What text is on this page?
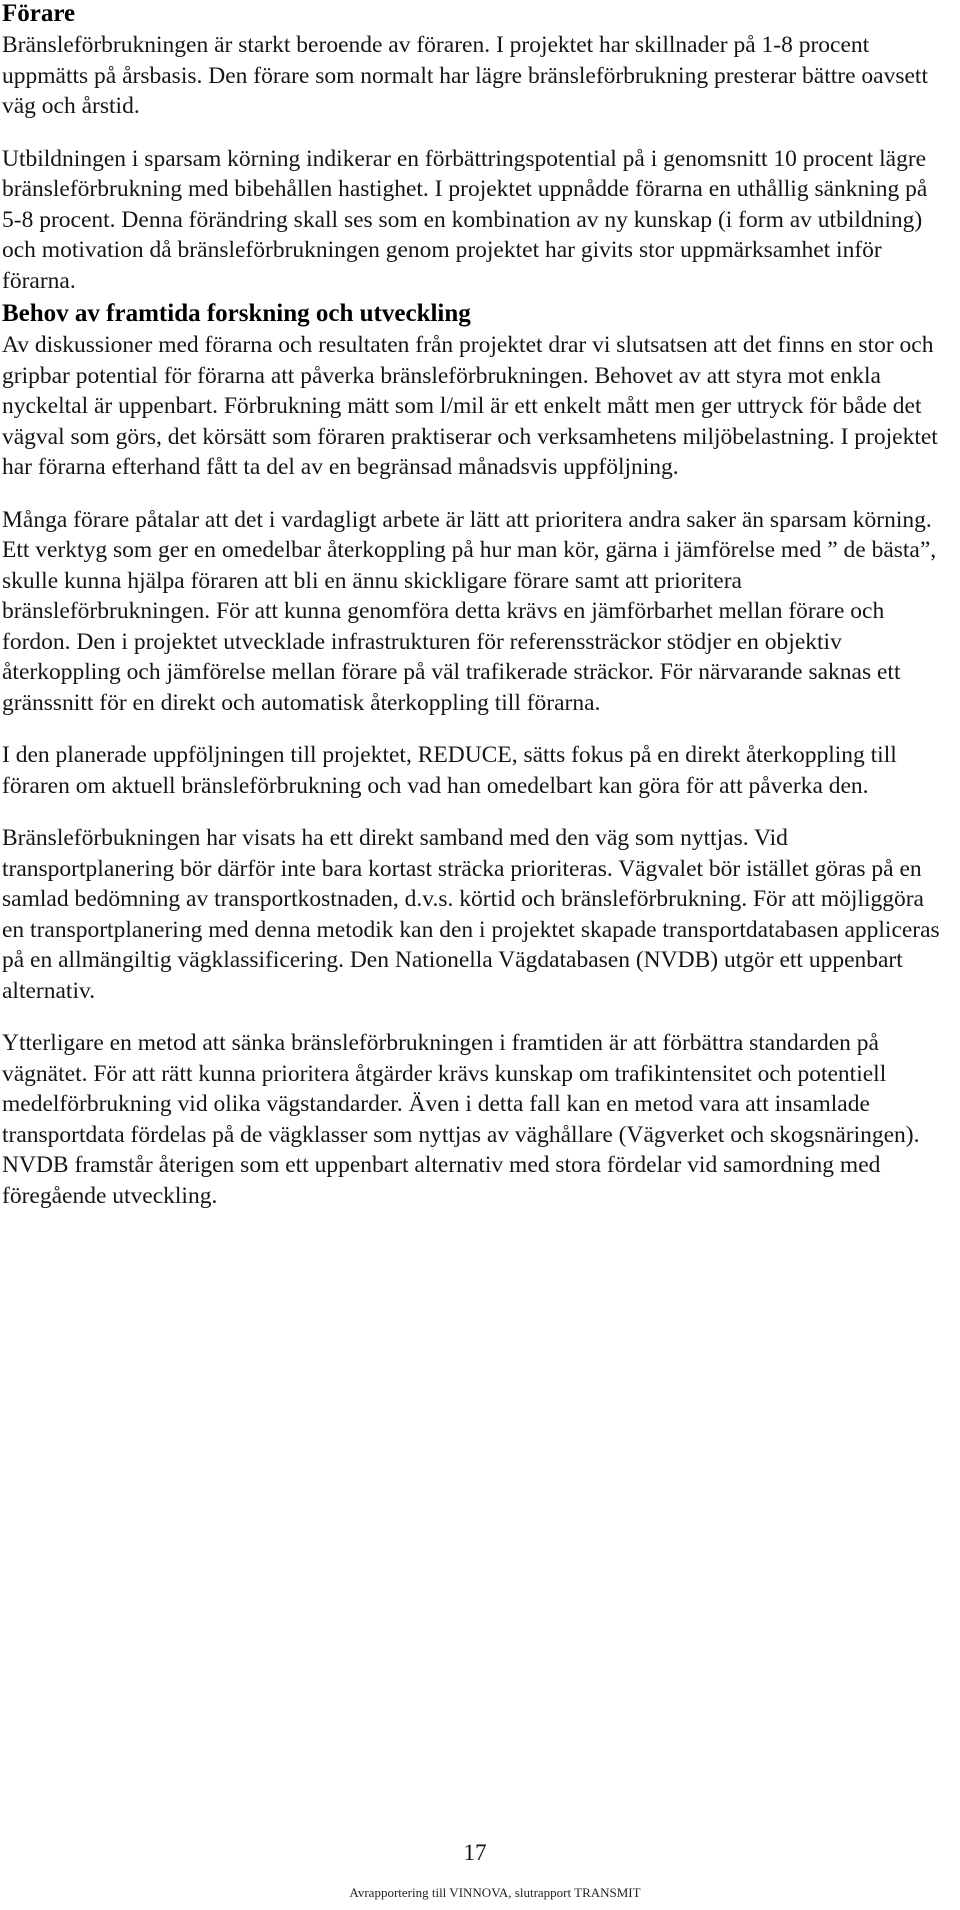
Förare

Bränsleförbrukningen är starkt beroende av föraren. I projektet har skillnader på 1-8 procent uppmätts på årsbasis. Den förare som normalt har lägre bränsleförbrukning presterar bättre oavsett väg och årstid.

Utbildningen i sparsam körning indikerar en förbättringspotential på i genomsnitt 10 procent lägre bränsleförbrukning med bibehållen hastighet. I projektet uppnådde förarna en uthållig sänkning på 5-8 procent. Denna förändring skall ses som en kombination av ny kunskap (i form av utbildning) och motivation då bränsleförbrukningen genom projektet har givits stor uppmärksamhet inför förarna.

Behov av framtida forskning och utveckling

Av diskussioner med förarna och resultaten från projektet drar vi slutsatsen att det finns en stor och gripbar potential för förarna att påverka bränsleförbrukningen. Behovet av att styra mot enkla nyckeltal är uppenbart. Förbrukning mätt som l/mil är ett enkelt mått men ger uttryck för både det vägval som görs, det körsätt som föraren praktiserar och verksamhetens miljöbelastning. I projektet har förarna efterhand fått ta del av en begränsad månadsvis uppföljning.

Många förare påtalar att det i vardagligt arbete är lätt att prioritera andra saker än sparsam körning. Ett verktyg som ger en omedelbar återkoppling på hur man kör, gärna i jämförelse med ” de bästa”, skulle kunna hjälpa föraren att bli en ännu skickligare förare samt att prioritera bränsleförbrukningen. För att kunna genomföra detta krävs en jämförbarhet mellan förare och fordon. Den i projektet utvecklade infrastrukturen för referenssträckor stödjer en objektiv återkoppling och jämförelse mellan förare på väl trafikerade sträckor. För närvarande saknas ett gränssnitt för en direkt och automatisk återkoppling till förarna.

I den planerade uppföljningen till projektet, REDUCE, sätts fokus på en direkt återkoppling till föraren om aktuell bränsleförbrukning och vad han omedelbart kan göra för att påverka den.

Bränsleförbukningen har visats ha ett direkt samband med den väg som nyttjas. Vid transportplanering bör därför inte bara kortast sträcka prioriteras. Vägvalet bör istället göras på en samlad bedömning av transportkostnaden, d.v.s. körtid och bränsleförbrukning. För att möjliggöra en transportplanering med denna metodik kan den i projektet skapade transportdatabasen appliceras på en allmängiltig vägklassificering. Den Nationella Vägdatabasen (NVDB) utgör ett uppenbart alternativ.

Ytterligare en metod att sänka bränsleförbrukningen i framtiden är att förbättra standarden på vägnätet. För att rätt kunna prioritera åtgärder krävs kunskap om trafikintensitet och potentiell medelförbrukning vid olika vägstandarder. Även i detta fall kan en metod vara att insamlade transportdata fördelas på de vägklasser som nyttjas av väghållare (Vägverket och skogsnäringen). NVDB framstår återigen som ett uppenbart alternativ med stora fördelar vid samordning med föregående utveckling.

17
Avrapportering till VINNOVA, slutrapport TRANSMIT
